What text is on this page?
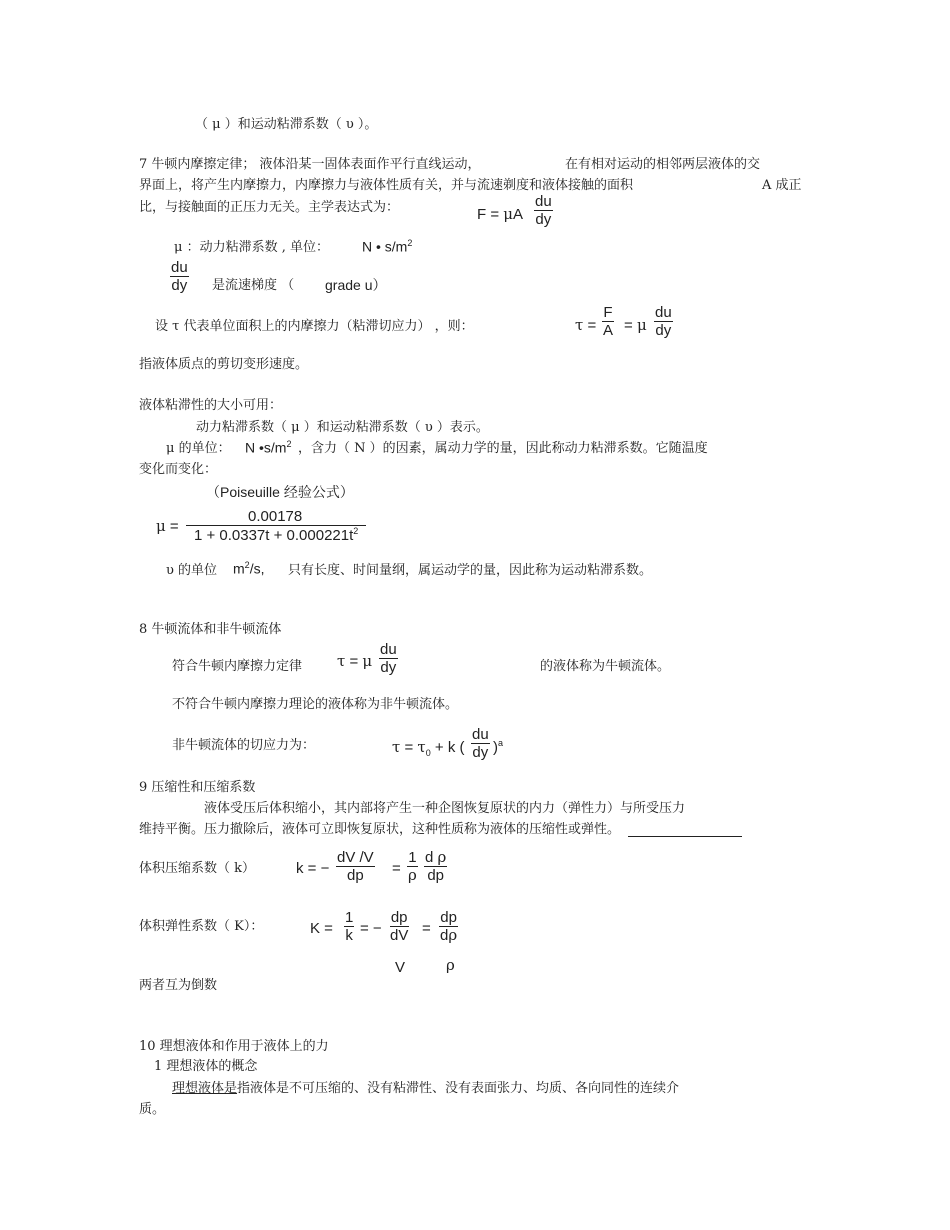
（ μ ）和运动粘滞系数（ υ ）。
7 牛顿内摩擦定律； 液体沿某一固体表面作平行直线运动，	在有相对运动的相邻两层液体的交
界面上，将产生内摩擦力，内摩擦力与液体性质有关，并与流速剃度和液体接触的面积	A 成正
比，与接触面的正压力无关。主学表达式为：	F = μA $\frac{du}{dy}$
μ ：动力粘滞系数 , 单位： N • $s/m^2$
$\frac{du}{dy}$ 是流速梯度 （ grade u）
设 τ 代表单位面积上的内摩擦力（粘滞切应力） ，则：	$\tau = \frac{F}{A} = \mu \frac{du}{dy}$
指液体质点的剪切变形速度。
液体粘滞性的大小可用：
动力粘滞系数（ μ ）和运动粘滞系数（ υ ）表示。
μ 的单位： N $•s/m^2$ ，含力（ N ）的因素，属动力学的量，因此称动力粘滞系数。它随温度
变化而变化：
（Poiseuille 经验公式）
$\mu = \frac{0.00178}{1 + 0.0337t + 0.000221t^2}$
υ 的单位 $m^2/s$, 只有长度、时间量纲，属运动学的量，因此称为运动粘滞系数。
8 牛顿流体和非牛顿流体
符合牛顿内摩擦力定律 τ = μ $\frac{du}{dy}$	的液体称为牛顿流体。
不符合牛顿内摩擦力理论的液体称为非牛顿流体。
非牛顿流体的切应力为：	$\tau = \tau_0 + k$ ( $\frac{du}{dy} )^a$
9 压缩性和压缩系数
液体受压后体积缩小，其内部将产生一种企图恢复原状的内力（弹性力）与所受压力
维持平衡。压力撤除后，液体可立即恢复原状，这种性质称为液体的压缩性或弹性。
体积压缩系数（ k）	k = − $\frac{dV /V}{dp} = \frac{1}{\rho} \frac{\text{d ρ}}{dp}$
体积弹性系数（ K）：	$K = \frac{1}{k}$ = − $\frac{dp}{dV} = \frac{dp}{d\rho}$
V	ρ
两者互为倒数
10 理想液体和作用于液体上的力
1 理想液体的概念
理想液体是指液体是不可压缩的、没有粘滞性、没有表面张力、均质、各向同性的连续介
质。
